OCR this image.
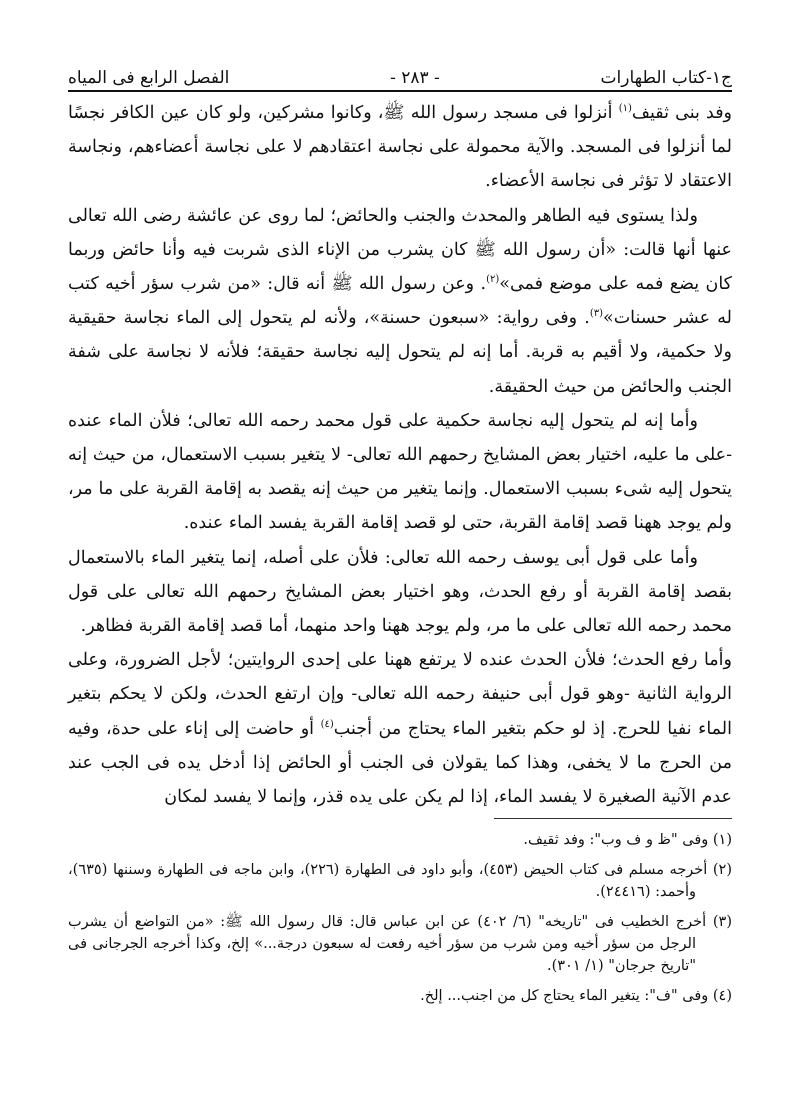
ج١-كتاب الطهارات
- ٢٨٣ -
الفصل الرابع فى المياه

وفد بنى ثقيف$^{(١)}$ أنزلوا فى مسجد رسول الله ﷺ، وكانوا مشركين، ولو كان عين الكافر نجسًا لما أنزلوا فى المسجد. والآية محمولة على نجاسة اعتقادهم لا على نجاسة أعضاءهم، ونجاسة الاعتقاد لا تؤثر فى نجاسة الأعضاء.

ولذا يستوى فيه الطاهر والمحدث والجنب والحائض؛ لما روى عن عائشة رضى الله تعالى عنها أنها قالت: «أن رسول الله ﷺ كان يشرب من الإناء الذى شربت فيه وأنا حائض وربما كان يضع فمه على موضع فمى»$^{(٢)}$. وعن رسول الله ﷺ أنه قال: «من شرب سؤر أخيه كتب له عشر حسنات»$^{(٣)}$. وفى رواية: «سبعون حسنة»، ولأنه لم يتحول إلى الماء نجاسة حقيقية ولا حكمية، ولا أقيم به قربة. أما إنه لم يتحول إليه نجاسة حقيقة؛ فلأنه لا نجاسة على شفة الجنب والحائض من حيث الحقيقة.

وأما إنه لم يتحول إليه نجاسة حكمية على قول محمد رحمه الله تعالى؛ فلأن الماء عنده -على ما عليه، اختيار بعض المشايخ رحمهم الله تعالى- لا يتغير بسبب الاستعمال، من حيث إنه يتحول إليه شىء بسبب الاستعمال. وإنما يتغير من حيث إنه يقصد به إقامة القربة على ما مر، ولم يوجد ههنا قصد إقامة القربة، حتى لو قصد إقامة القربة يفسد الماء عنده.

وأما على قول أبى يوسف رحمه الله تعالى: فلأن على أصله، إنما يتغير الماء بالاستعمال بقصد إقامة القربة أو رفع الحدث، وهو اختيار بعض المشايخ رحمهم الله تعالى على قول محمد رحمه الله تعالى على ما مر، ولم يوجد ههنا واحد منهما، أما قصد إقامة القربة فظاهر.

وأما رفع الحدث؛ فلأن الحدث عنده لا يرتفع ههنا على إحدى الروايتين؛ لأجل الضرورة، وعلى الرواية الثانية -وهو قول أبى حنيفة رحمه الله تعالى- وإن ارتفع الحدث، ولكن لا يحكم بتغير الماء نفيا للحرج. إذ لو حكم بتغير الماء يحتاج من أجنب$^{(٤)}$ أو حاضت إلى إناء على حدة، وفيه من الحرج ما لا يخفى، وهذا كما يقولان فى الجنب أو الحائض إذا أدخل يده فى الجب عند عدم الآنية الصغيرة لا يفسد الماء، إذا لم يكن على يده قذر، وإنما لا يفسد لمكان

(١) وفى "ظ و ف وب": وفد ثقيف.

(٢) أخرجه مسلم فى كتاب الحيض (٤٥٣)، وأبو داود فى الطهارة (٢٢٦)، وابن ماجه فى الطهارة وسننها (٦٣٥)، وأحمد: (٢٤٤١٦).

(٣) أخرج الخطيب فى "تاريخه" (٦/ ٤٠٢) عن ابن عباس قال: قال رسول الله ﷺ: «من التواضع أن يشرب الرجل من سؤر أخيه ومن شرب من سؤر أخيه رفعت له سبعون درجة...» إلخ، وكذا أخرجه الجرجانى فى "تاريخ جرجان" (١/ ٣٠١).

(٤) وفى "ف": يتغير الماء يحتاج كل من اجنب... إلخ.
